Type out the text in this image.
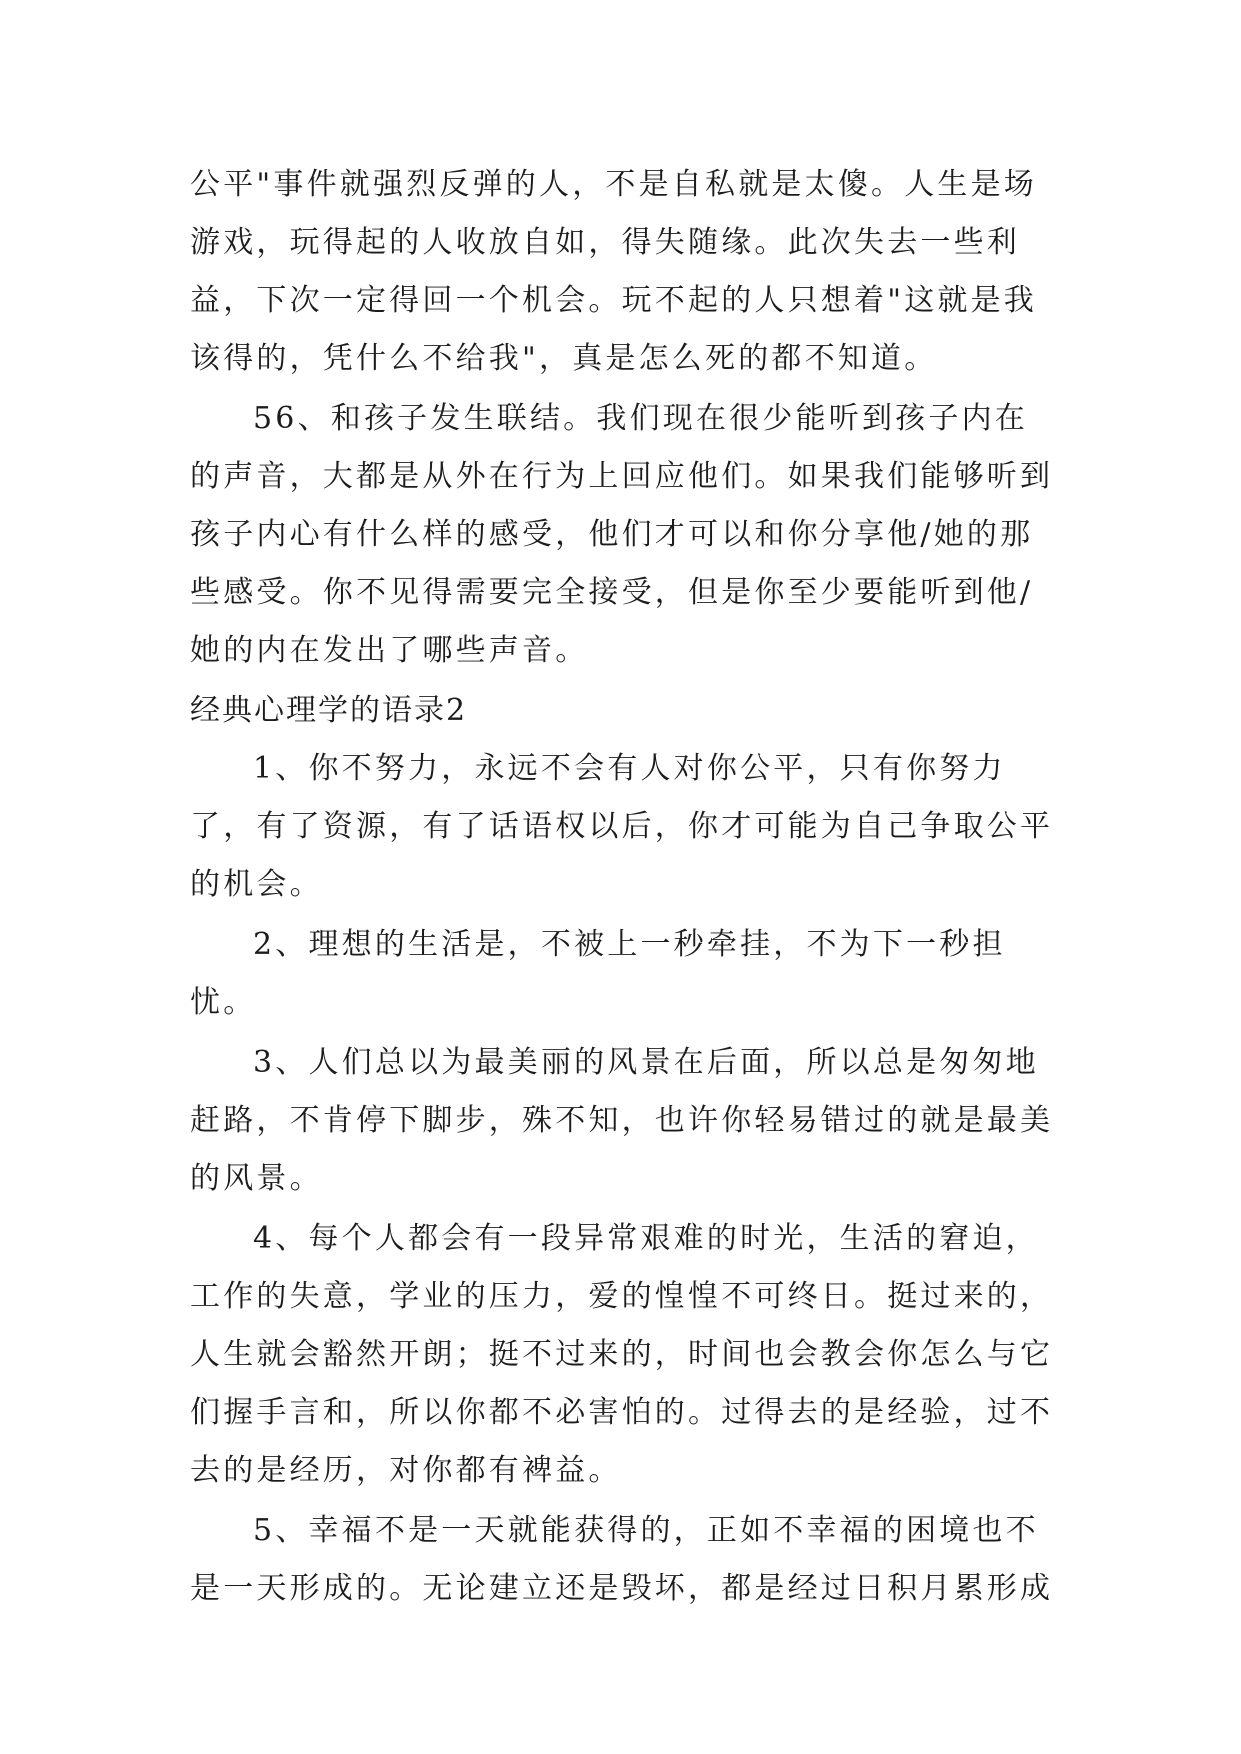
公平"事件就强烈反弹的人，不是自私就是太傻。人生是场游戏，玩得起的人收放自如，得失随缘。此次失去一些利益，下次一定得回一个机会。玩不起的人只想着"这就是我该得的，凭什么不给我"，真是怎么死的都不知道。

56、和孩子发生联结。我们现在很少能听到孩子内在的声音，大都是从外在行为上回应他们。如果我们能够听到孩子内心有什么样的感受，他们才可以和你分享他/她的那些感受。你不见得需要完全接受，但是你至少要能听到他/她的内在发出了哪些声音。

经典心理学的语录2

1、你不努力，永远不会有人对你公平，只有你努力了，有了资源，有了话语权以后，你才可能为自己争取公平的机会。

2、理想的生活是，不被上一秒牵挂，不为下一秒担忧。

3、人们总以为最美丽的风景在后面，所以总是匆匆地赶路，不肯停下脚步，殊不知，也许你轻易错过的就是最美的风景。

4、每个人都会有一段异常艰难的时光，生活的窘迫，工作的失意，学业的压力，爱的惶惶不可终日。挺过来的，人生就会豁然开朗；挺不过来的，时间也会教会你怎么与它们握手言和，所以你都不必害怕的。过得去的是经验，过不去的是经历，对你都有裨益。

5、幸福不是一天就能获得的，正如不幸福的困境也不是一天形成的。无论建立还是毁坏，都是经过日积月累形成
